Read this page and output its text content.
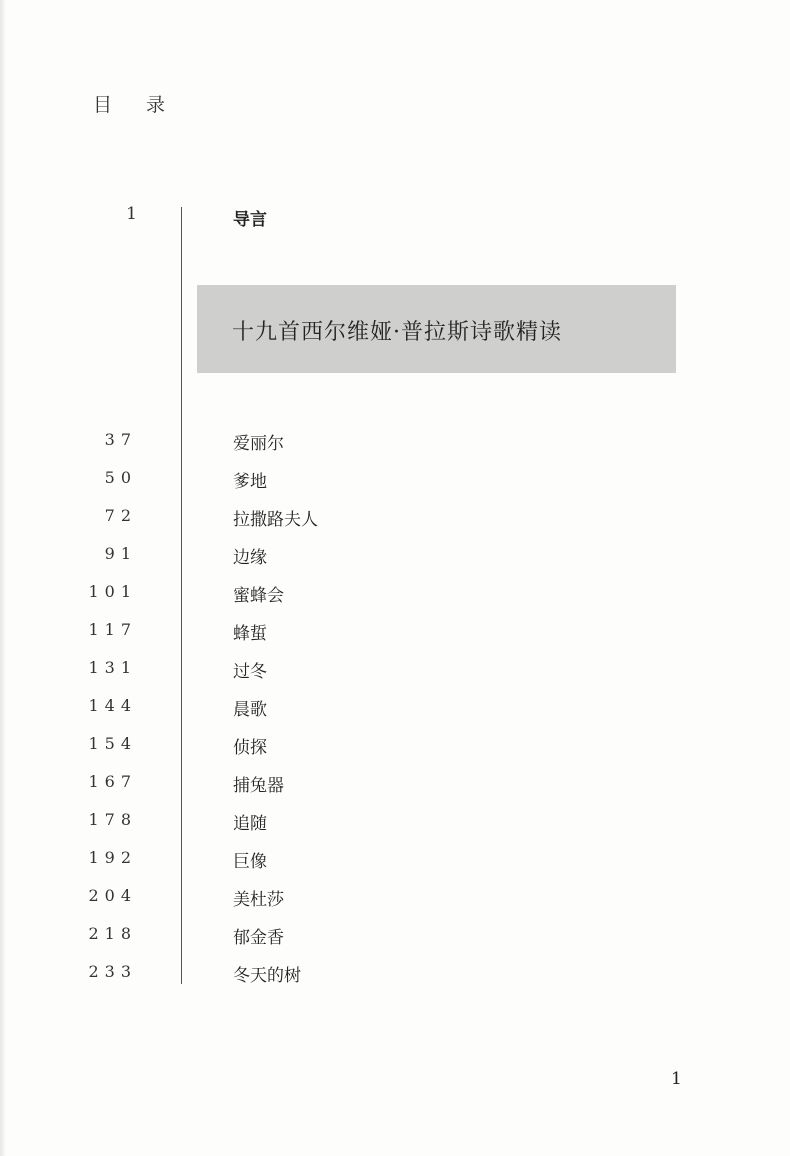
目 录
1	导言
十九首西尔维娅·普拉斯诗歌精读
37	爱丽尔
50	爹地
72	拉撒路夫人
91	边缘
101	蜜蜂会
117	蜂蜇
131	过冬
144	晨歌
154	侦探
167	捕兔器
178	追随
192	巨像
204	美杜莎
218	郁金香
233	冬天的树
1
